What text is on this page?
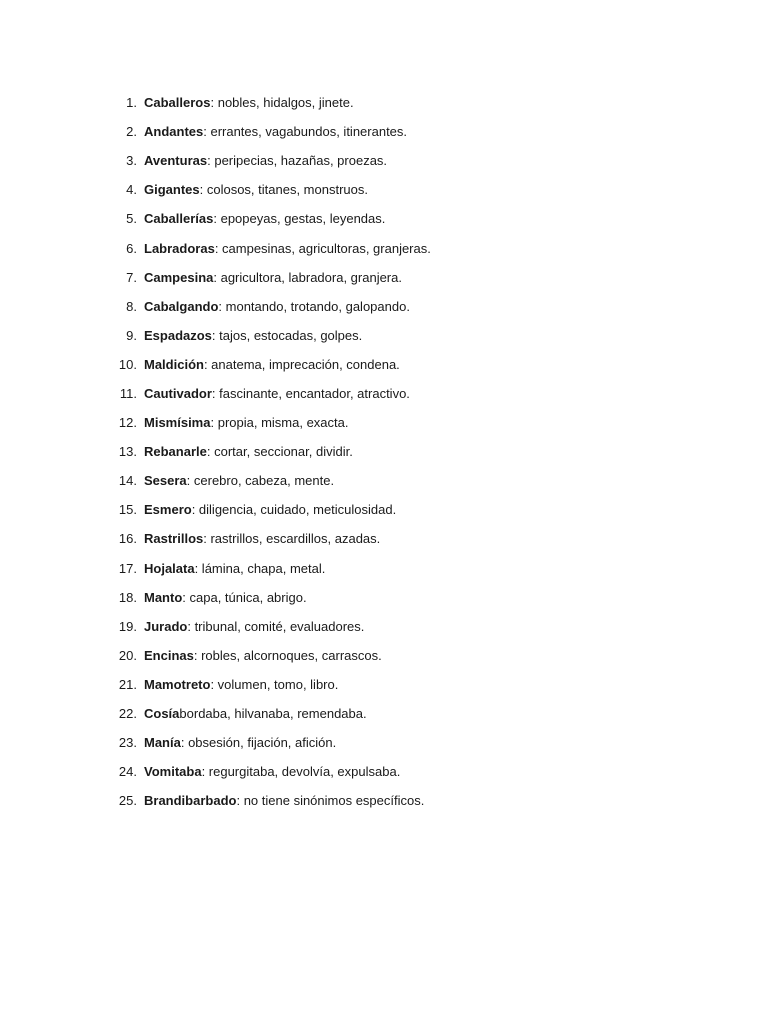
1. Caballeros : nobles, hidalgos, jinete.
2. Andantes : errantes, vagabundos, itinerantes.
3. Aventuras : peripecias, hazañas, proezas.
4. Gigantes : colosos, titanes, monstruos.
5. Caballerías : epopeyas, gestas, leyendas.
6. Labradoras : campesinas, agricultoras, granjeras.
7. Campesina : agricultora, labradora, granjera.
8. Cabalgando : montando, trotando, galopando.
9. Espadazos : tajos, estocadas, golpes.
10. Maldición : anatema, imprecación, condena.
11. Cautivador : fascinante, encantador, atractivo.
12. Mismísima : propia, misma, exacta.
13. Rebanarle : cortar, seccionar, dividir.
14. Sesera : cerebro, cabeza, mente.
15. Esmero : diligencia, cuidado, meticulosidad.
16. Rastrillos : rastrillos, escardillos, azadas.
17. Hojalata : lámina, chapa, metal.
18. Manto : capa, túnica, abrigo.
19. Jurado : tribunal, comité, evaluadores.
20. Encinas : robles, alcornoques, carrascos.
21. Mamotreto : volumen, tomo, libro.
22. Cosía bordaba, hilvanaba, remendaba.
23. Manía : obsesión, fijación, afición.
24. Vomitaba : regurgitaba, devolvía, expulsaba.
25. Brandibarbado : no tiene sinónimos específicos.
